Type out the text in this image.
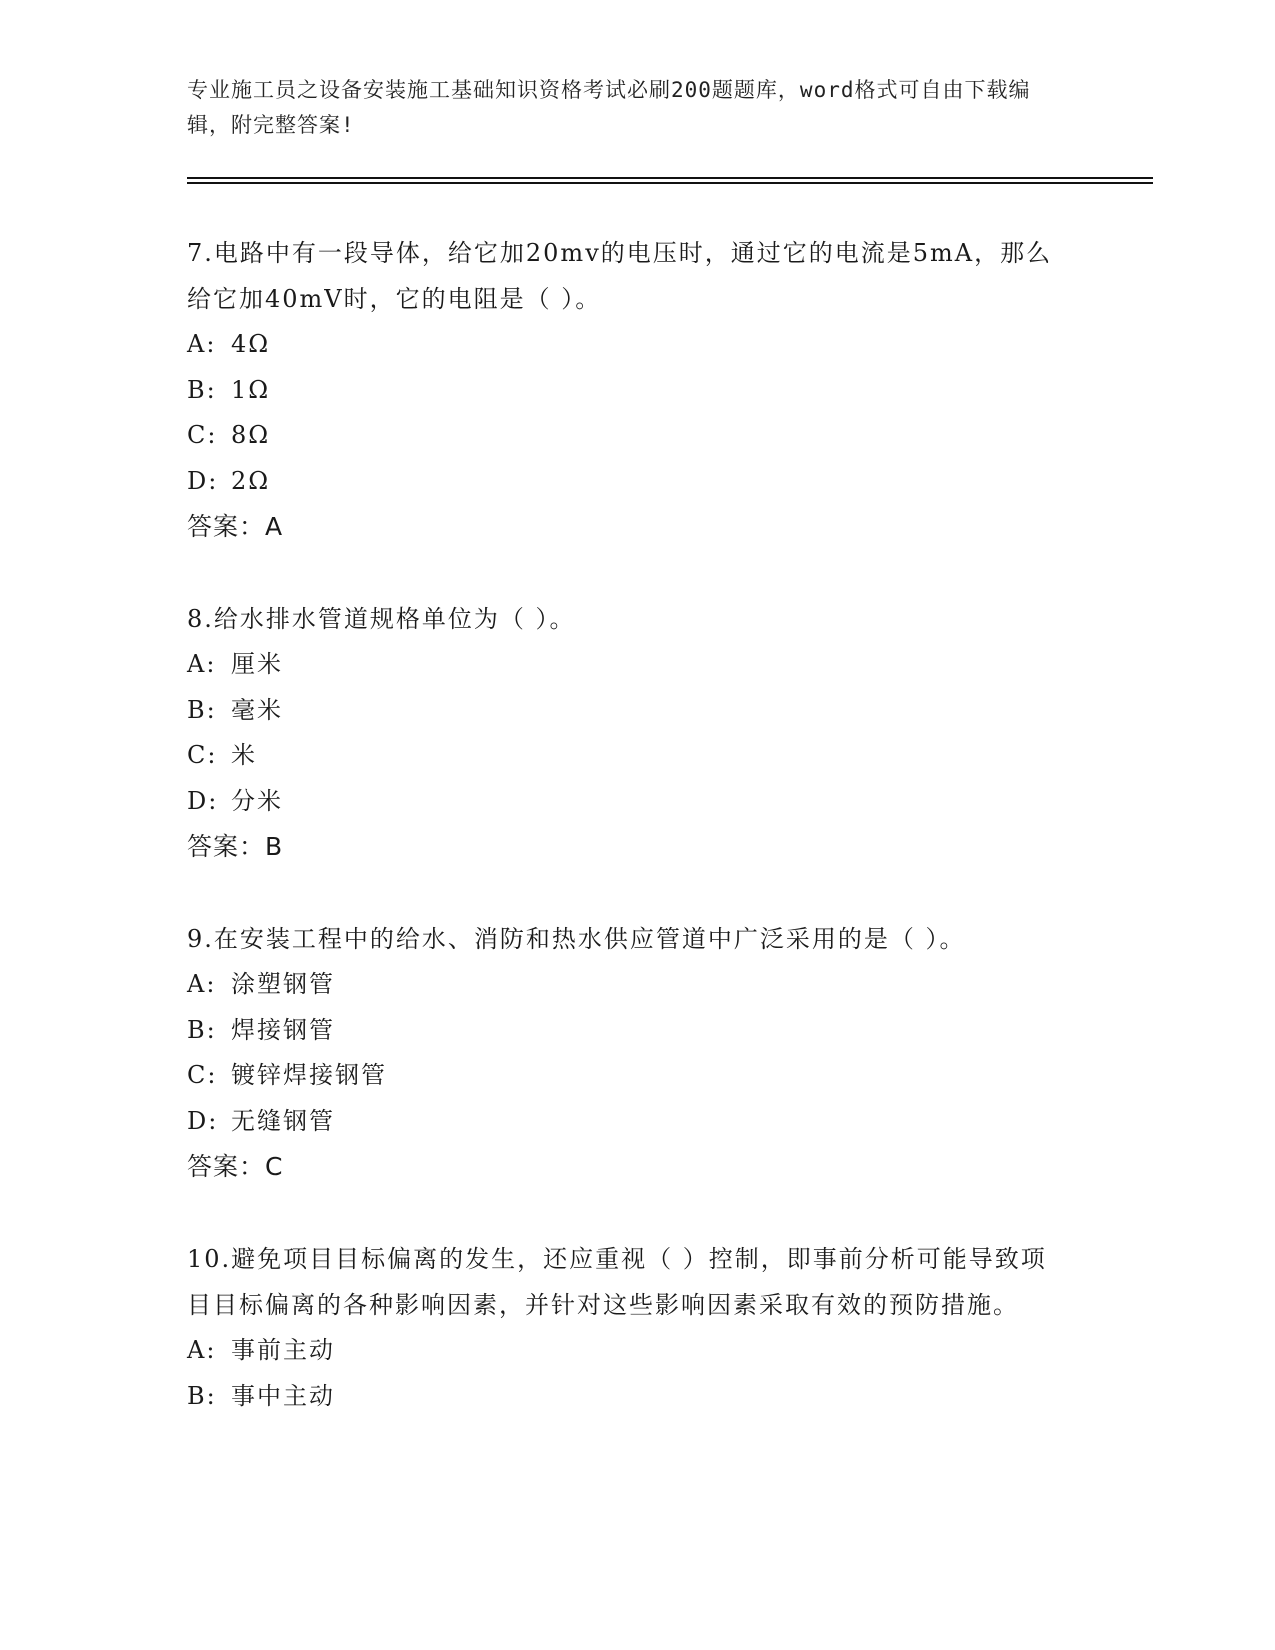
专业施工员之设备安装施工基础知识资格考试必刷200题题库，word格式可自由下载编辑，附完整答案!

7.电路中有一段导体，给它加20mv的电压时，通过它的电流是5mA，那么给它加40mV时，它的电阻是（ ）。

A: 4Ω

B: 1Ω

C: 8Ω

D: 2Ω

答案：A

8.给水排水管道规格单位为（ ）。

A: 厘米

B: 毫米

C: 米

D: 分米

答案：B

9.在安装工程中的给水、消防和热水供应管道中广泛采用的是（ ）。

A: 涂塑钢管

B: 焊接钢管

C: 镀锌焊接钢管

D: 无缝钢管

答案：C

10.避免项目目标偏离的发生，还应重视（ ）控制，即事前分析可能导致项目目标偏离的各种影响因素，并针对这些影响因素采取有效的预防措施。

A: 事前主动

B: 事中主动
